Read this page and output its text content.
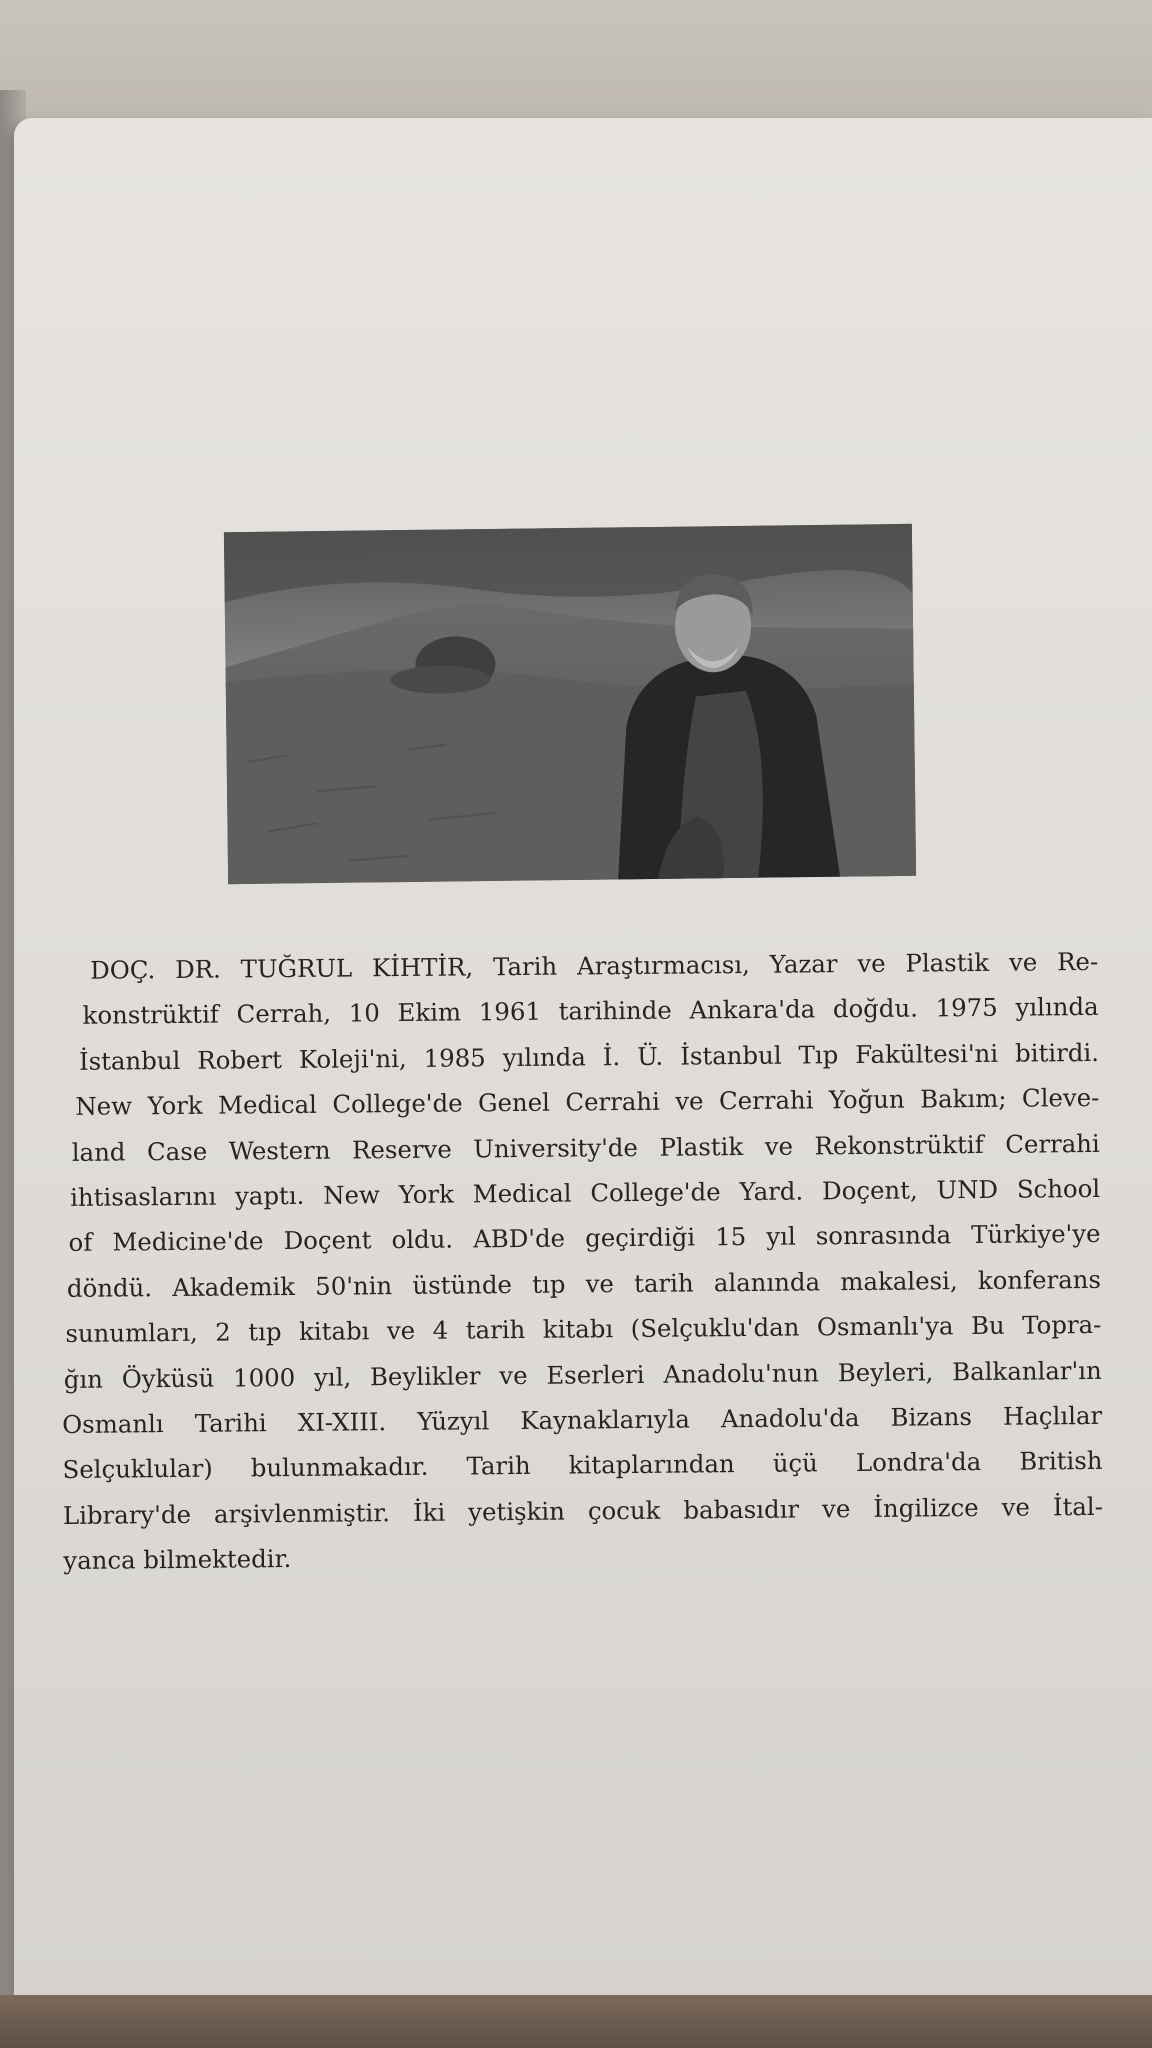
DOÇ. DR. TUĞRUL KİHTİR, Tarih Araştırmacısı, Yazar ve Plastik ve Re-
konstrüktif Cerrah, 10 Ekim 1961 tarihinde Ankara'da doğdu. 1975 yılında
İstanbul Robert Koleji'ni, 1985 yılında İ. Ü. İstanbul Tıp Fakültesi'ni bitirdi.
New York Medical College'de Genel Cerrahi ve Cerrahi Yoğun Bakım; Cleve-
land Case Western Reserve University'de Plastik ve Rekonstrüktif Cerrahi
ihtisaslarını yaptı. New York Medical College'de Yard. Doçent, UND School
of Medicine'de Doçent oldu. ABD'de geçirdiği 15 yıl sonrasında Türkiye'ye
döndü. Akademik 50'nin üstünde tıp ve tarih alanında makalesi, konferans
sunumları, 2 tıp kitabı ve 4 tarih kitabı (Selçuklu'dan Osmanlı'ya Bu Topra-
ğın Öyküsü 1000 yıl, Beylikler ve Eserleri Anadolu'nun Beyleri, Balkanlar'ın
Osmanlı Tarihi XI-XIII. Yüzyıl Kaynaklarıyla Anadolu'da Bizans Haçlılar
Selçuklular) bulunmakadır. Tarih kitaplarından üçü Londra'da British
Library'de arşivlenmiştir. İki yetişkin çocuk babasıdır ve İngilizce ve İtal-
yanca bilmektedir.
